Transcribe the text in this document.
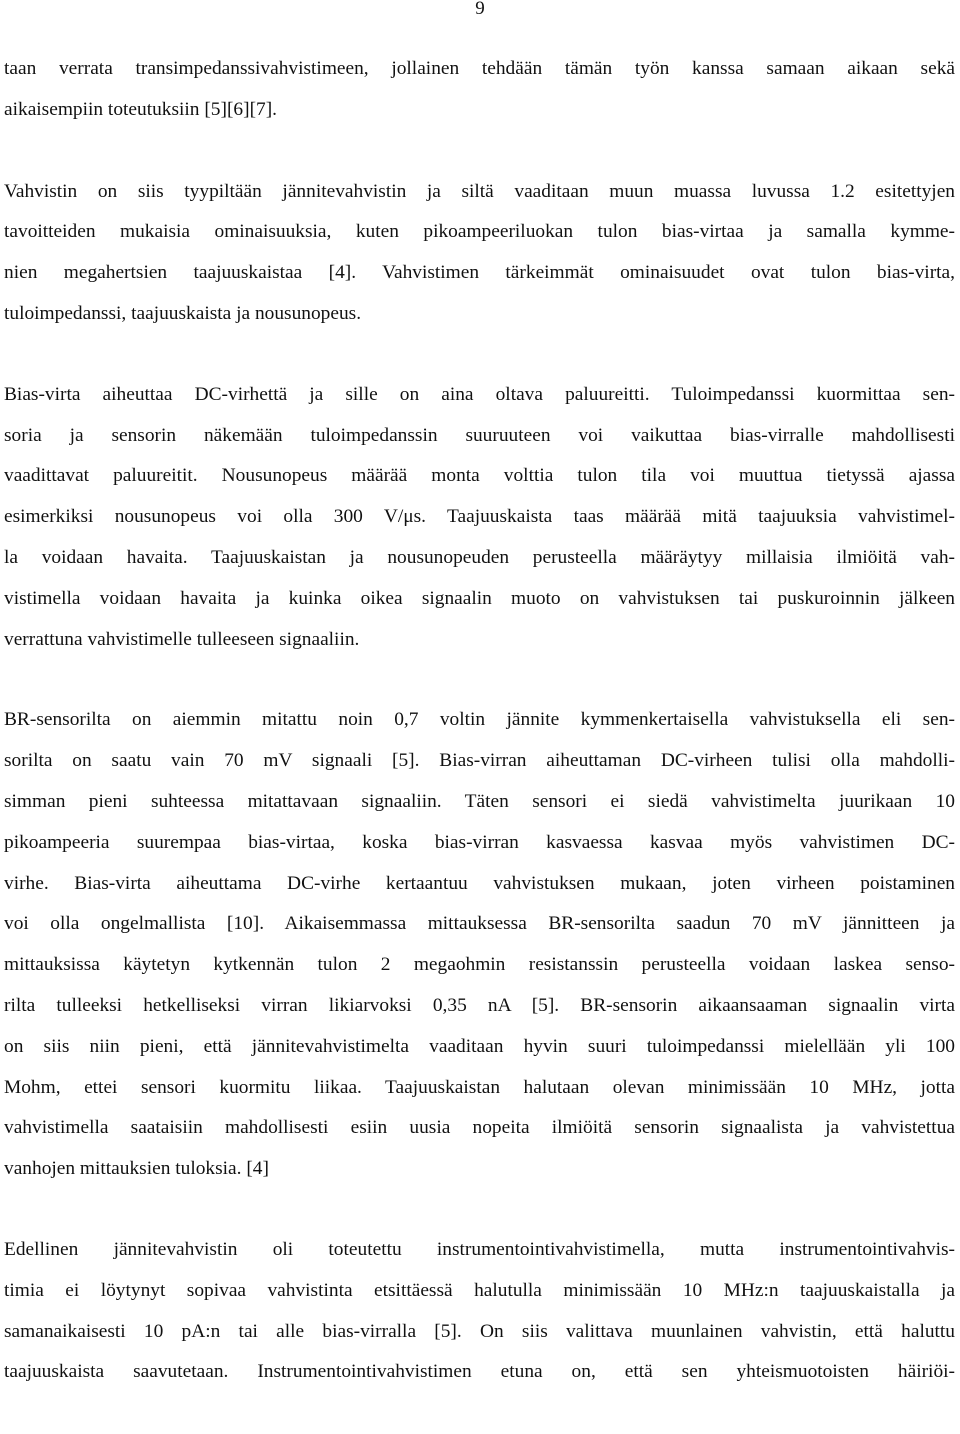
9

taan verrata transimpedanssivahvistimeen, jollainen tehdään tämän työn kanssa samaan aikaan sekä
aikaisempiin toteutuksiin [5][6][7].

Vahvistin on siis tyypiltään jännitevahvistin ja siltä vaaditaan muun muassa luvussa 1.2 esitettyjen
tavoitteiden mukaisia ominaisuuksia, kuten pikoampeeriluokan tulon bias-virtaa ja samalla kymme-
nien megahertsien taajuuskaistaa [4]. Vahvistimen tärkeimmät ominaisuudet ovat tulon bias-virta,
tuloimpedanssi, taajuuskaista ja nousunopeus.

Bias-virta aiheuttaa DC-virhettä ja sille on aina oltava paluureitti. Tuloimpedanssi kuormittaa sen-
soria ja sensorin näkemään tuloimpedanssin suuruuteen voi vaikuttaa bias-virralle mahdollisesti
vaadittavat paluureitit. Nousunopeus määrää monta volttia tulon tila voi muuttua tietyssä ajassa
esimerkiksi nousunopeus voi olla 300 V/μs. Taajuuskaista taas määrää mitä taajuuksia vahvistimel-
la voidaan havaita. Taajuuskaistan ja nousunopeuden perusteella määräytyy millaisia ilmiöitä vah-
vistimella voidaan havaita ja kuinka oikea signaalin muoto on vahvistuksen tai puskuroinnin jälkeen
verrattuna vahvistimelle tulleeseen signaaliin.

BR-sensorilta on aiemmin mitattu noin 0,7 voltin jännite kymmenkertaisella vahvistuksella eli sen-
sorilta on saatu vain 70 mV signaali [5]. Bias-virran aiheuttaman DC-virheen tulisi olla mahdolli-
simman pieni suhteessa mitattavaan signaaliin. Täten sensori ei siedä vahvistimelta juurikaan 10
pikoampeeria suurempaa bias-virtaa, koska bias-virran kasvaessa kasvaa myös vahvistimen DC-
virhe. Bias-virta aiheuttama DC-virhe kertaantuu vahvistuksen mukaan, joten virheen poistaminen
voi olla ongelmallista [10]. Aikaisemmassa mittauksessa BR-sensorilta saadun 70 mV jännitteen ja
mittauksissa käytetyn kytkennän tulon 2 megaohmin resistanssin perusteella voidaan laskea senso-
rilta tulleeksi hetkelliseksi virran likiarvoksi 0,35 nA [5]. BR-sensorin aikaansaaman signaalin virta
on siis niin pieni, että jännitevahvistimelta vaaditaan hyvin suuri tuloimpedanssi mielellään yli 100
Mohm, ettei sensori kuormitu liikaa. Taajuuskaistan halutaan olevan minimissään 10 MHz, jotta
vahvistimella saataisiin mahdollisesti esiin uusia nopeita ilmiöitä sensorin signaalista ja vahvistettua
vanhojen mittauksien tuloksia. [4]

Edellinen jännitevahvistin oli toteutettu instrumentointivahvistimella, mutta instrumentointivahvis-
timia ei löytynyt sopivaa vahvistinta etsittäessä halutulla minimissään 10 MHz:n taajuuskaistalla ja
samanaikaisesti 10 pA:n tai alle bias-virralla [5]. On siis valittava muunlainen vahvistin, että haluttu
taajuuskaista saavutetaan. Instrumentointivahvistimen etuna on, että sen yhteismuotoisten häiriöi-
